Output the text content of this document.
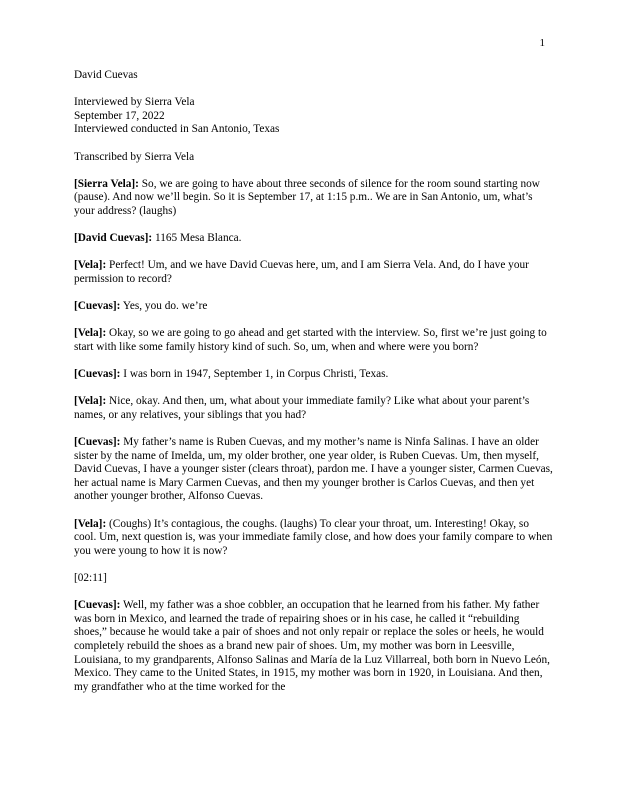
1
David Cuevas
Interviewed by Sierra Vela
September 17, 2022
Interviewed conducted in San Antonio, Texas
Transcribed by Sierra Vela

[Sierra Vela]: So, we are going to have about three seconds of silence for the room sound starting now (pause). And now we’ll begin. So it is September 17, at 1:15 p.m.. We are in San Antonio, um, what’s your address? (laughs)

[David Cuevas]: 1165 Mesa Blanca.

[Vela]: Perfect! Um, and we have David Cuevas here, um, and I am Sierra Vela. And, do I have your permission to record?

[Cuevas]: Yes, you do. we’re

[Vela]: Okay, so we are going to go ahead and get started with the interview. So, first we’re just going to start with like some family history kind of such. So, um, when and where were you born?

[Cuevas]: I was born in 1947, September 1, in Corpus Christi, Texas.

[Vela]: Nice, okay. And then, um, what about your immediate family? Like what about your parent’s names, or any relatives, your siblings that you had?

[Cuevas]: My father’s name is Ruben Cuevas, and my mother’s name is Ninfa Salinas. I have an older sister by the name of Imelda, um, my older brother, one year older, is Ruben Cuevas. Um, then myself, David Cuevas, I have a younger sister (clears throat), pardon me. I have a younger sister, Carmen Cuevas, her actual name is Mary Carmen Cuevas, and then my younger brother is Carlos Cuevas, and then yet another younger brother, Alfonso Cuevas.

[Vela]: (Coughs) It’s contagious, the coughs. (laughs) To clear your throat, um. Interesting! Okay, so cool. Um, next question is, was your immediate family close, and how does your family compare to when you were young to how it is now?

[02:11]

[Cuevas]: Well, my father was a shoe cobbler, an occupation that he learned from his father. My father was born in Mexico, and learned the trade of repairing shoes or in his case, he called it “rebuilding shoes,” because he would take a pair of shoes and not only repair or replace the soles or heels, he would completely rebuild the shoes as a brand new pair of shoes. Um, my mother was born in Leesville, Louisiana, to my grandparents, Alfonso Salinas and María de la Luz Villarreal, both born in Nuevo León, Mexico. They came to the United States, in 1915, my mother was born in 1920, in Louisiana. And then, my grandfather who at the time worked for the
